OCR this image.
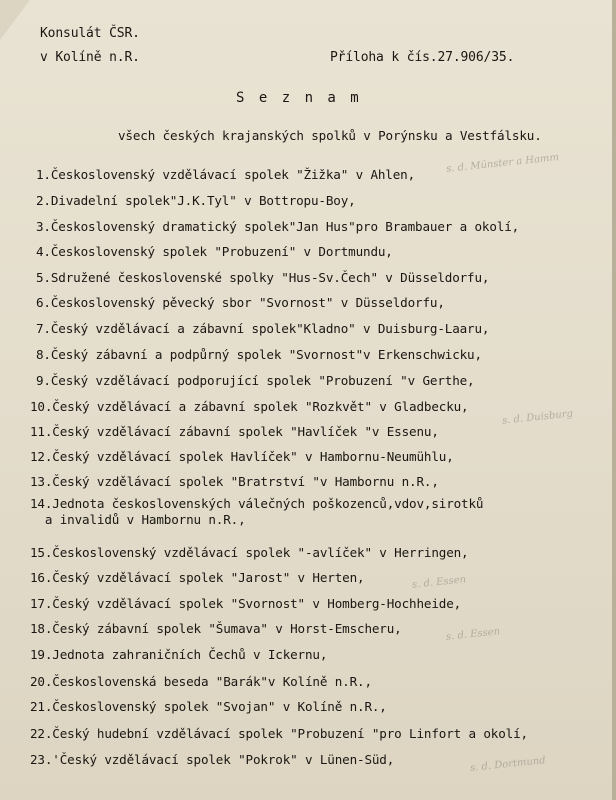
Konsulát ČSR.
v Kolíně n.R.	Příloha k čís.27.906/35.
S e z n a m
všech českých krajanských spolků v Porýnsku a Vestfálsku.
1.Československý vzdělávací spolek "Žižka" v Ahlen,
2.Divadelní spolek"J.K.Tyl" v Bottropu-Boy,
3.Československý dramatický spolek"Jan Hus"pro Brambauer a okolí,
4.Československý spolek "Probuzení" v Dortmundu,
5.Sdružené československé spolky "Hus-Sv.Čech" v Düsseldorfu,
6.Československý pěvecký sbor "Svornost" v Düsseldorfu,
7.Český vzdělávací a zábavní spolek"Kladno" v Duisburg-Laaru,
8.Český zábavní a podpůrný spolek "Svornost"v Erkenschwicku,
9.Český vzdělávací podporující spolek "Probuzení "v Gerthe,
10.Český vzdělávací a zábavní spolek "Rozkvět" v Gladbecku,
11.Český vzdělávací zábavní spolek "Havlíček "v Essenu,
12.Český vzdělávací spolek Havlíček" v Hambornu-Neumühlu,
13.Český vzdělávací spolek "Bratrství "v Hambornu n.R.,
14.Jednota československých válečných poškozenců,vdov,sirotků
a invalidů v Hambornu n.R.,
15.Československý vzdělávací spolek "‑avlíček" v Herringen,
16.Český vzdělávací spolek "Jarost" v Herten,
17.Český vzdělávací spolek "Svornost" v Homberg-Hochheide,
18.Český zábavní spolek "Šumava" v Horst-Emscheru,
19.Jednota zahraničních Čechů v Ickernu,
20.Československá beseda "Barák"v Kolíně n.R.,
21.Československý spolek "Svojan" v Kolíně n.R.,
22.Český hudební vzdělávací spolek "Probuzení "pro Linfort a okolí,
23.'Český vzdělávací spolek "Pokrok" v Lünen-Süd,
s. d. Münster a Hamm
s. d. Duisburg
s. d. Essen
s. d. Essen
s. d. Dortmund
